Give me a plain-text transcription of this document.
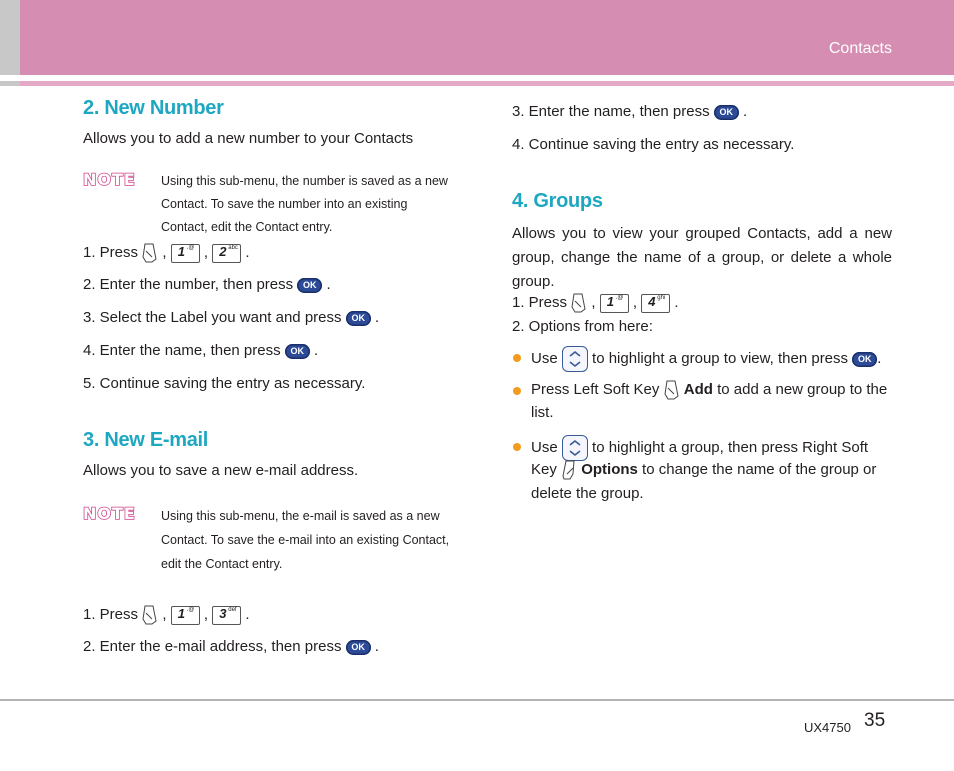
Contacts
2. New Number
Allows you to add a new number to your Contacts
NOTE Using this sub-menu, the number is saved as a new
Contact. To save the number into an existing
Contact, edit the Contact entry.
1. Press  , 1 .@ , 2 abc .
2. Enter the number, then press OK .
3. Select the Label you want and press OK .
4. Enter the name, then press OK .
5. Continue saving the entry as necessary.
3. New E-mail
Allows you to save a new e-mail address.
NOTE Using this sub-menu, the e-mail is saved as a new
Contact. To save the e-mail into an existing Contact,
edit the Contact entry.
1. Press  , 1 .@ , 3 def .
2. Enter the e-mail address, then press OK .
3. Enter the name, then press OK .
4. Continue saving the entry as necessary.
4. Groups
Allows you to view your grouped Contacts, add a new group, change the name of a group, or delete a whole group.
1. Press  , 1 .@ , 4 ghi .
2. Options from here:
Use to highlight a group to view, then press OK .
Press Left Soft Key Add to add a new group to the
list.
Use to highlight a group, then press Right Soft
Key Options to change the name of the group or
delete the group.
UX4750 35
